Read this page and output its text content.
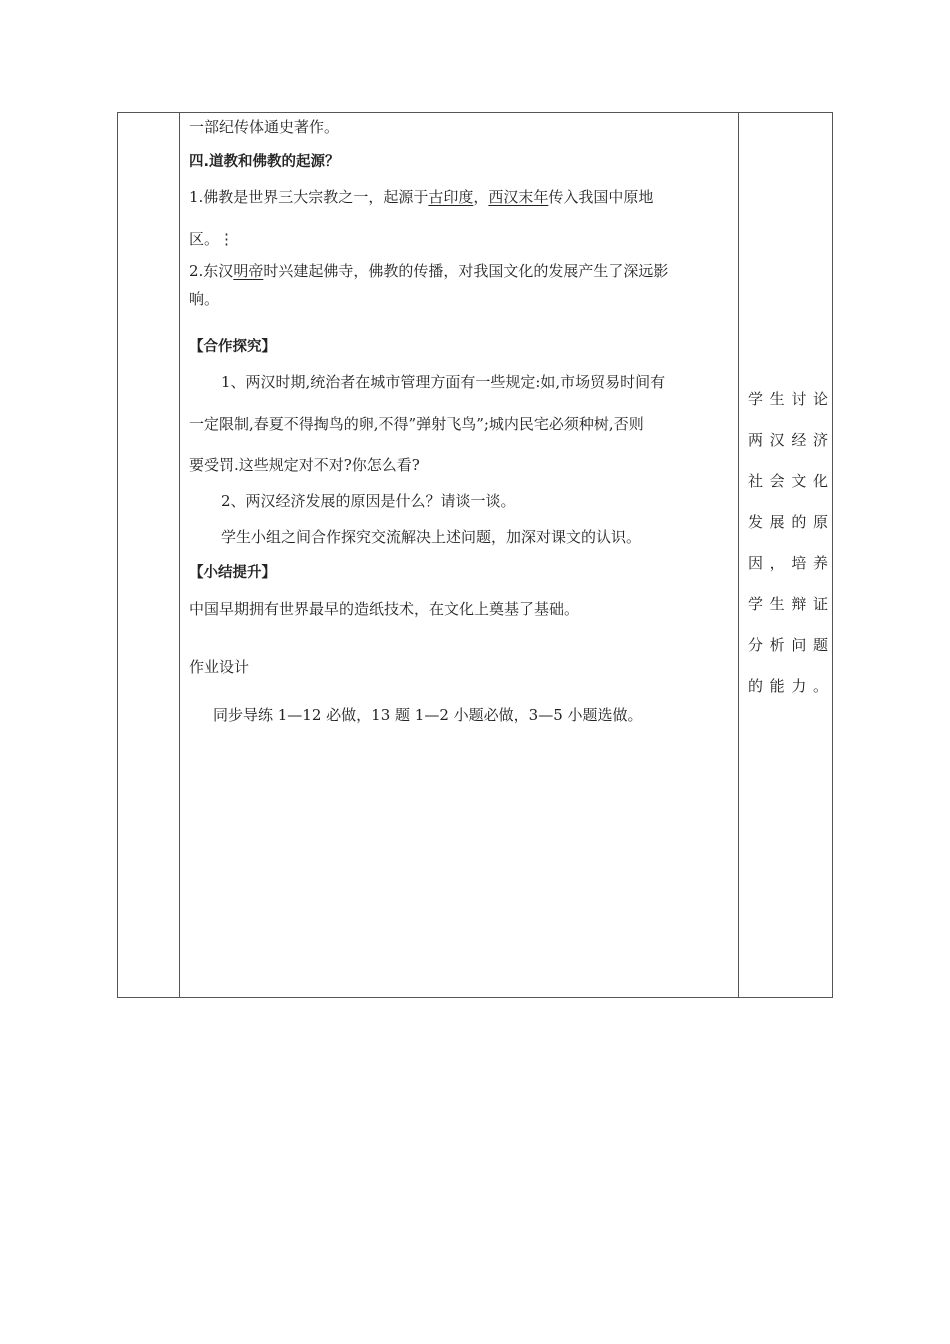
一部纪传体通史著作。
四.道教和佛教的起源？
1.佛教是世界三大宗教之一，起源于古印度，西汉末年传入我国中原地
区。⋮
2.东汉明帝时兴建起佛寺，佛教的传播，对我国文化的发展产生了深远影
响。
【合作探究】
1、两汉时期,统治者在城市管理方面有一些规定:如,市场贸易时间有
一定限制,春夏不得掏鸟的卵,不得”弹射飞鸟”;城内民宅必须种树,否则
要受罚.这些规定对不对?你怎么看?
2、两汉经济发展的原因是什么？请谈一谈。
学生小组之间合作探究交流解决上述问题，加深对课文的认识。
【小结提升】
中国早期拥有世界最早的造纸技术，在文化上奠基了基础。
作业设计
同步导练 1—12 必做，13 题 1—2 小题必做，3—5 小题选做。
学生讨论
两汉经济
社会文化
发展的原
因，培养
学生辩证
分析问题
的能力。
